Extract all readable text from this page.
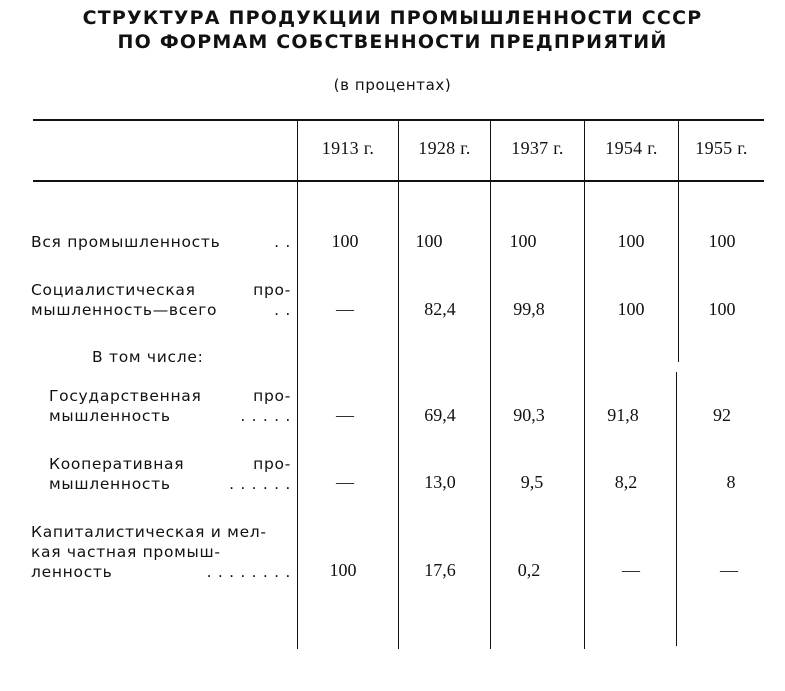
СТРУКТУРА ПРОДУКЦИИ ПРОМЫШЛЕННОСТИ СССР
ПО ФОРМАМ СОБСТВЕННОСТИ ПРЕДПРИЯТИЙ
(в процентах)
1913 г.	1928 г.	1937 г.	1954 г.	1955 г.
Вся промышленность	. .	100	100	100	100	100
Социалистическая	про-
мышленность—всего	. .	—	82,4	99,8	100	100
В том числе:
Государственная	про-
мышленность	. . . . .	—	69,4	90,3	91,8	92
Кооперативная	про-
мышленность	. . . . . .	—	13,0	9,5	8,2	8
Капиталистическая и мел-
кая частная промыш-
ленность	. . . . . . . .	100	17,6	0,2	—	—
